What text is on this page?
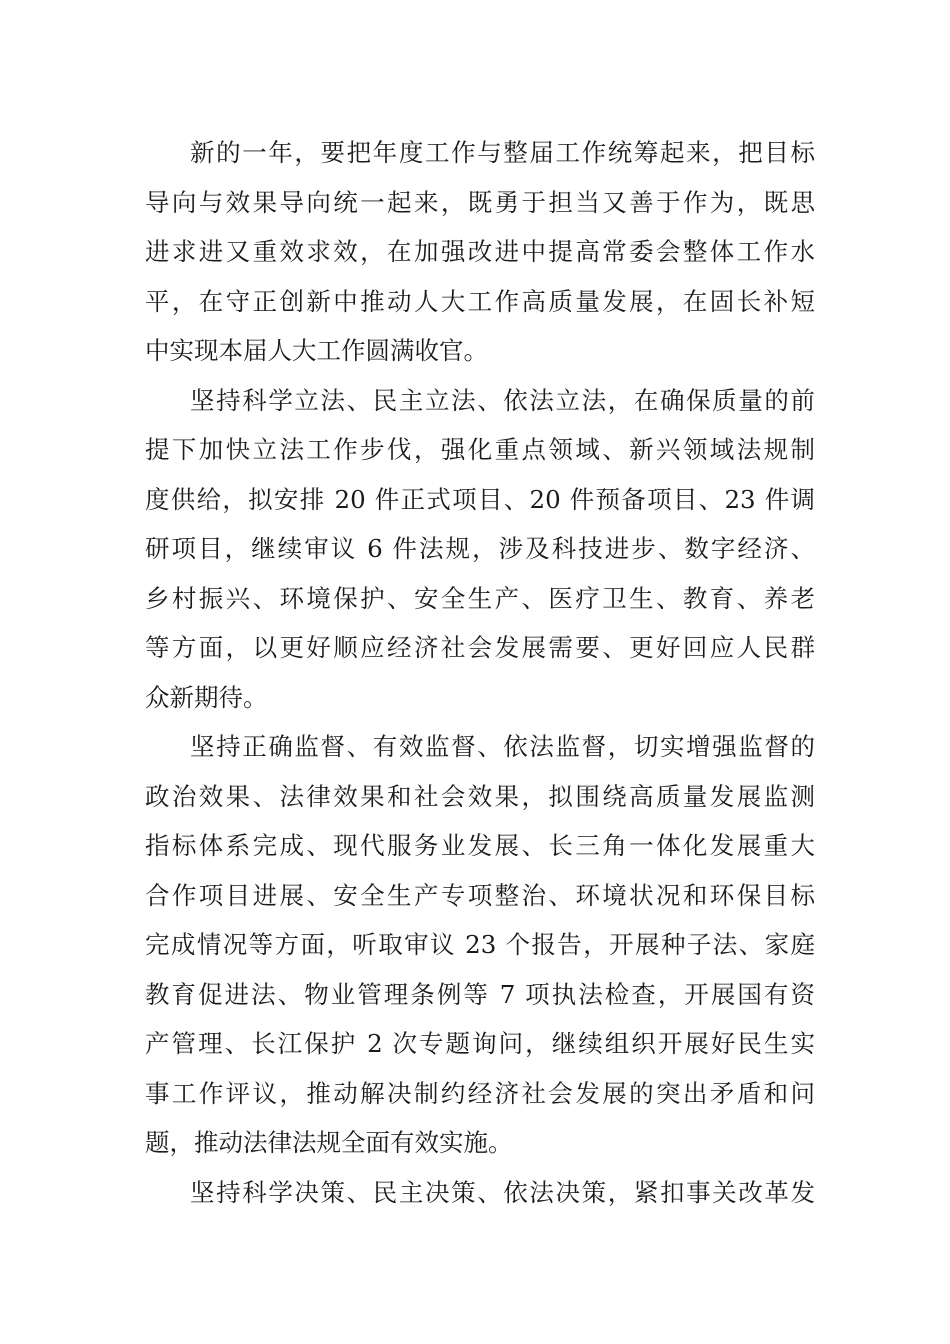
新的一年，要把年度工作与整届工作统筹起来，把目标
导向与效果导向统一起来，既勇于担当又善于作为，既思
进求进又重效求效，在加强改进中提高常委会整体工作水
平，在守正创新中推动人大工作高质量发展，在固长补短
中实现本届人大工作圆满收官。
坚持科学立法、民主立法、依法立法，在确保质量的前
提下加快立法工作步伐，强化重点领域、新兴领域法规制
度供给，拟安排 20 件正式项目、20 件预备项目、23 件调
研项目，继续审议 6 件法规，涉及科技进步、数字经济、
乡村振兴、环境保护、安全生产、医疗卫生、教育、养老
等方面，以更好顺应经济社会发展需要、更好回应人民群
众新期待。
坚持正确监督、有效监督、依法监督，切实增强监督的
政治效果、法律效果和社会效果，拟围绕高质量发展监测
指标体系完成、现代服务业发展、长三角一体化发展重大
合作项目进展、安全生产专项整治、环境状况和环保目标
完成情况等方面，听取审议 23 个报告，开展种子法、家庭
教育促进法、物业管理条例等 7 项执法检查，开展国有资
产管理、长江保护 2 次专题询问，继续组织开展好民生实
事工作评议，推动解决制约经济社会发展的突出矛盾和问
题，推动法律法规全面有效实施。
坚持科学决策、民主决策、依法决策，紧扣事关改革发
